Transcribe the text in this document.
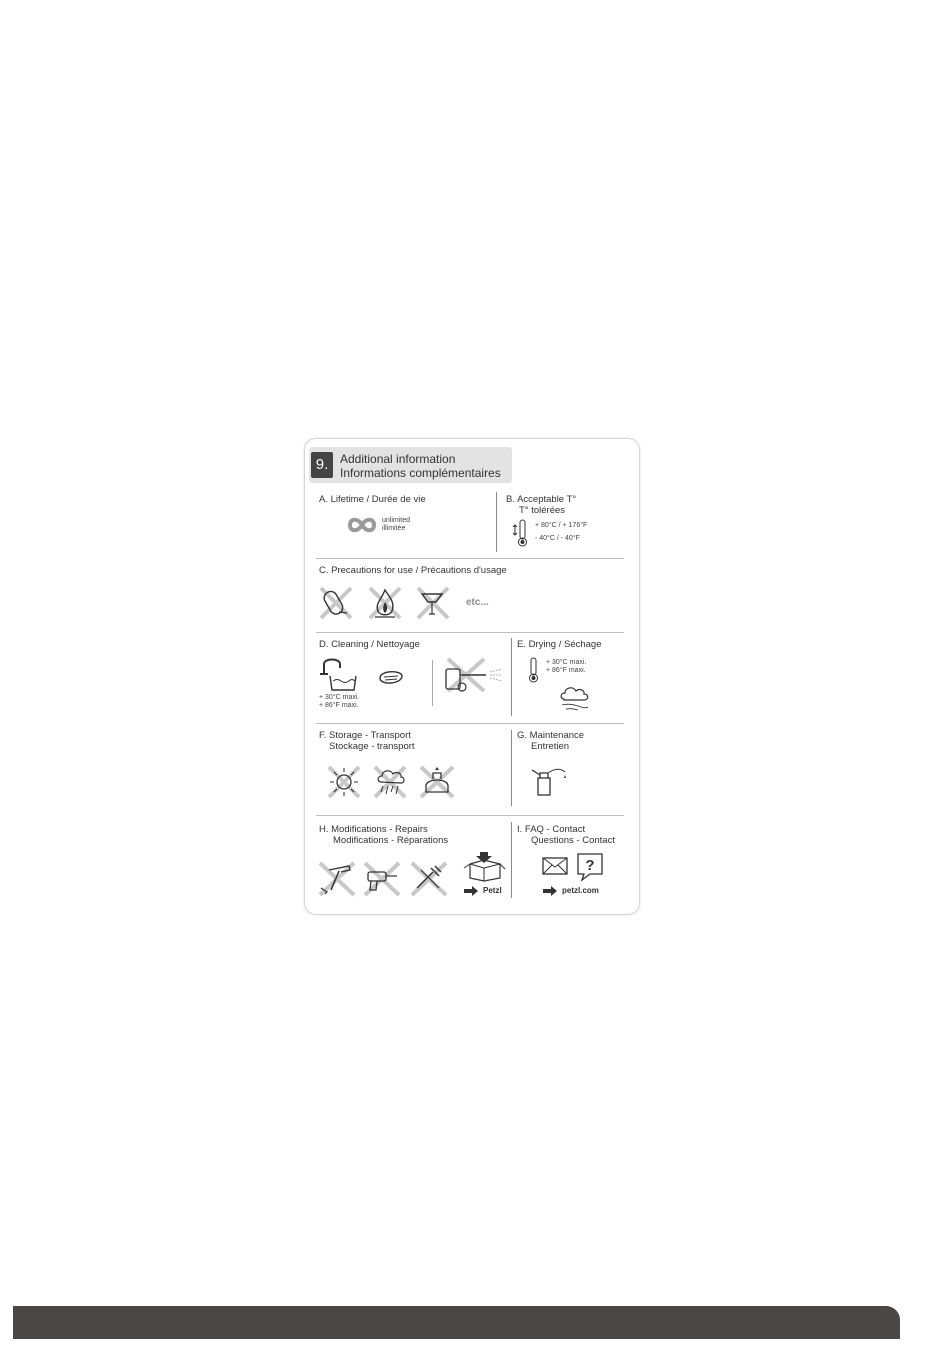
9. Additional information
Informations complémentaires
A. Lifetime / Durée de vie
unlimited
illimitée
B. Acceptable T°
T° tolérées
+ 80°C / + 176°F
- 40°C / - 40°F
C. Precautions for use / Précautions d'usage
etc...
D. Cleaning / Nettoyage
+ 30°C maxi.
+ 86°F maxi.
E. Drying / Séchage
+ 30°C maxi.
+ 86°F maxi.
F. Storage - Transport
Stockage - transport
G. Maintenance
Entretien
H. Modifications - Repairs
Modifications - Réparations
Petzl
I. FAQ - Contact
Questions - Contact
?
petzl.com
